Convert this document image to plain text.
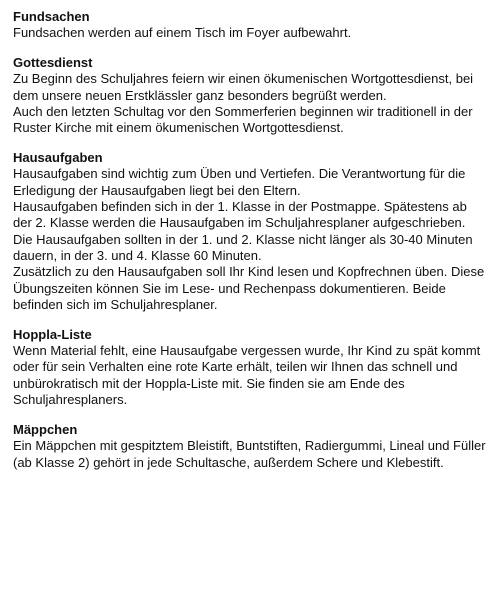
Fundsachen

Fundsachen werden auf einem Tisch im Foyer aufbewahrt.

Gottesdienst

Zu Beginn des Schuljahres feiern wir einen ökumenischen Wortgottesdienst, bei dem unsere neuen Erstklässler ganz besonders begrüßt werden.

Auch den letzten Schultag vor den Sommerferien beginnen wir traditionell in der Ruster Kirche mit einem ökumenischen Wortgottesdienst.

Hausaufgaben

Hausaufgaben sind wichtig zum Üben und Vertiefen. Die Verantwortung für die Erledigung der Hausaufgaben liegt bei den Eltern.

Hausaufgaben befinden sich in der 1. Klasse in der Postmappe. Spätestens ab der 2. Klasse werden die Hausaufgaben im Schuljahresplaner aufgeschrieben.

Die Hausaufgaben sollten in der 1. und 2. Klasse nicht länger als 30-40 Minuten dauern, in der 3. und 4. Klasse 60 Minuten.

Zusätzlich zu den Hausaufgaben soll Ihr Kind lesen und Kopfrechnen üben. Diese Übungszeiten können Sie im Lese- und Rechenpass dokumentieren. Beide befinden sich im Schuljahresplaner.

Hoppla-Liste

Wenn Material fehlt, eine Hausaufgabe vergessen wurde, Ihr Kind zu spät kommt oder für sein Verhalten eine rote Karte erhält, teilen wir Ihnen das schnell und unbürokratisch mit der Hoppla-Liste mit. Sie finden sie am Ende des Schuljahresplaners.

Mäppchen

Ein Mäppchen mit gespitztem Bleistift, Buntstiften, Radiergummi, Lineal und Füller (ab Klasse 2) gehört in jede Schultasche, außerdem Schere und Klebestift.
